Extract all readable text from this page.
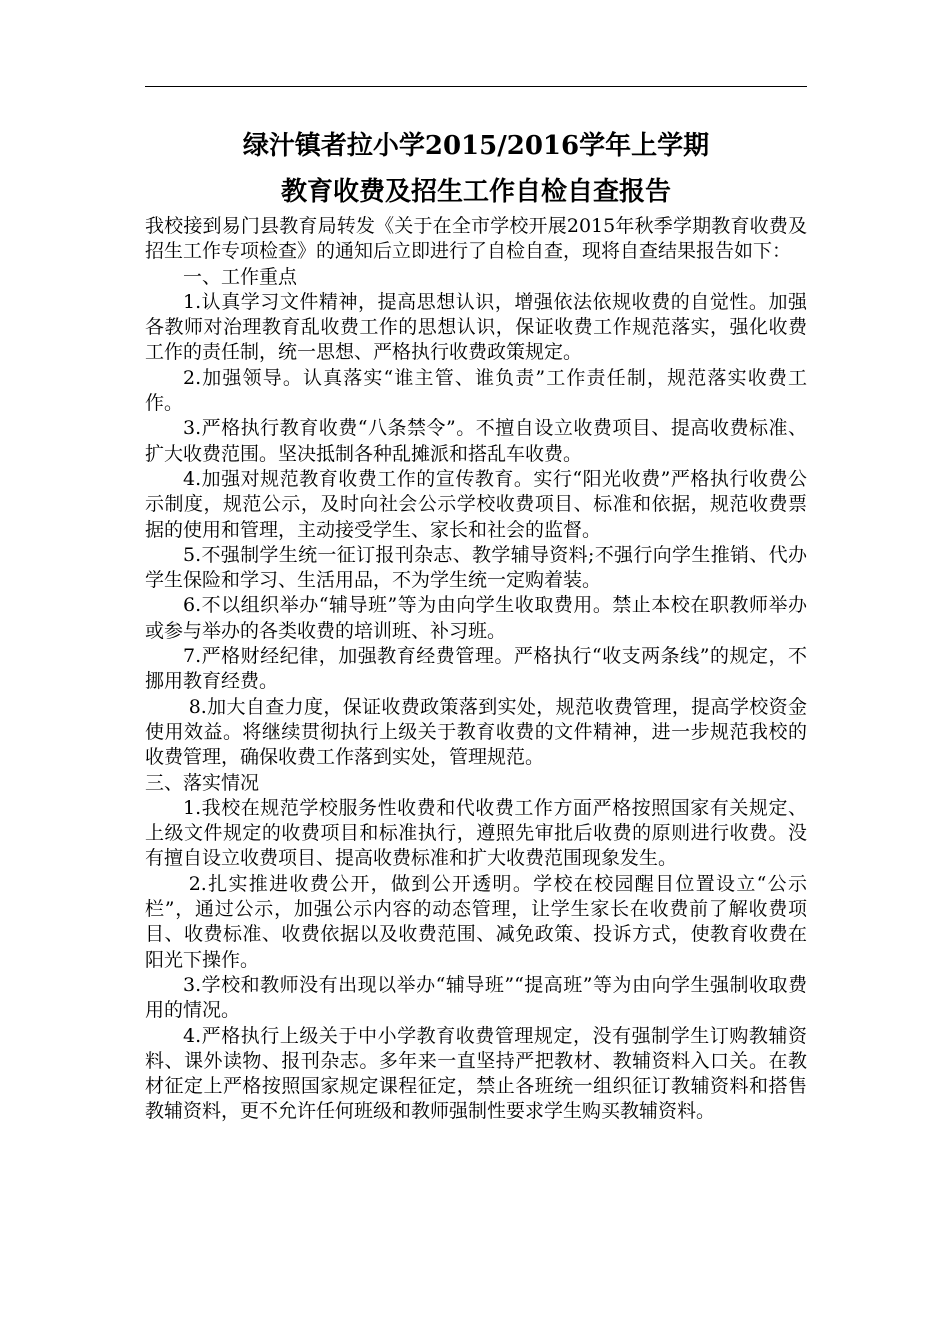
绿汁镇者拉小学2015/2016学年上学期
教育收费及招生工作自检自查报告

我校接到易门县教育局转发《关于在全市学校开展2015年秋季学期教育收费及招生工作专项检查》的通知后立即进行了自检自查，现将自查结果报告如下：

一、工作重点

1.认真学习文件精神，提高思想认识，增强依法依规收费的自觉性。加强各教师对治理教育乱收费工作的思想认识，保证收费工作规范落实，强化收费工作的责任制，统一思想、严格执行收费政策规定。

2.加强领导。认真落实“谁主管、谁负责”工作责任制，规范落实收费工作。

3.严格执行教育收费“八条禁令”。不擅自设立收费项目、提高收费标准、扩大收费范围。坚决抵制各种乱摊派和搭乱车收费。

4.加强对规范教育收费工作的宣传教育。实行“阳光收费”严格执行收费公示制度，规范公示，及时向社会公示学校收费项目、标准和依据，规范收费票据的使用和管理，主动接受学生、家长和社会的监督。

5.不强制学生统一征订报刊杂志、教学辅导资料;不强行向学生推销、代办学生保险和学习、生活用品，不为学生统一定购着装。

6.不以组织举办“辅导班”等为由向学生收取费用。禁止本校在职教师举办或参与举办的各类收费的培训班、补习班。

7.严格财经纪律，加强教育经费管理。严格执行“收支两条线”的规定，不挪用教育经费。

8.加大自查力度，保证收费政策落到实处，规范收费管理，提高学校资金使用效益。将继续贯彻执行上级关于教育收费的文件精神，进一步规范我校的收费管理，确保收费工作落到实处，管理规范。

三、落实情况

1.我校在规范学校服务性收费和代收费工作方面严格按照国家有关规定、上级文件规定的收费项目和标准执行，遵照先审批后收费的原则进行收费。没有擅自设立收费项目、提高收费标准和扩大收费范围现象发生。

2.扎实推进收费公开，做到公开透明。学校在校园醒目位置设立“公示栏”，通过公示，加强公示内容的动态管理，让学生家长在收费前了解收费项目、收费标准、收费依据以及收费范围、减免政策、投诉方式，使教育收费在阳光下操作。

3.学校和教师没有出现以举办“辅导班”“提高班”等为由向学生强制收取费用的情况。

4.严格执行上级关于中小学教育收费管理规定，没有强制学生订购教辅资料、课外读物、报刊杂志。多年来一直坚持严把教材、教辅资料入口关。在教材征定上严格按照国家规定课程征定，禁止各班统一组织征订教辅资料和搭售教辅资料，更不允许任何班级和教师强制性要求学生购买教辅资料。
